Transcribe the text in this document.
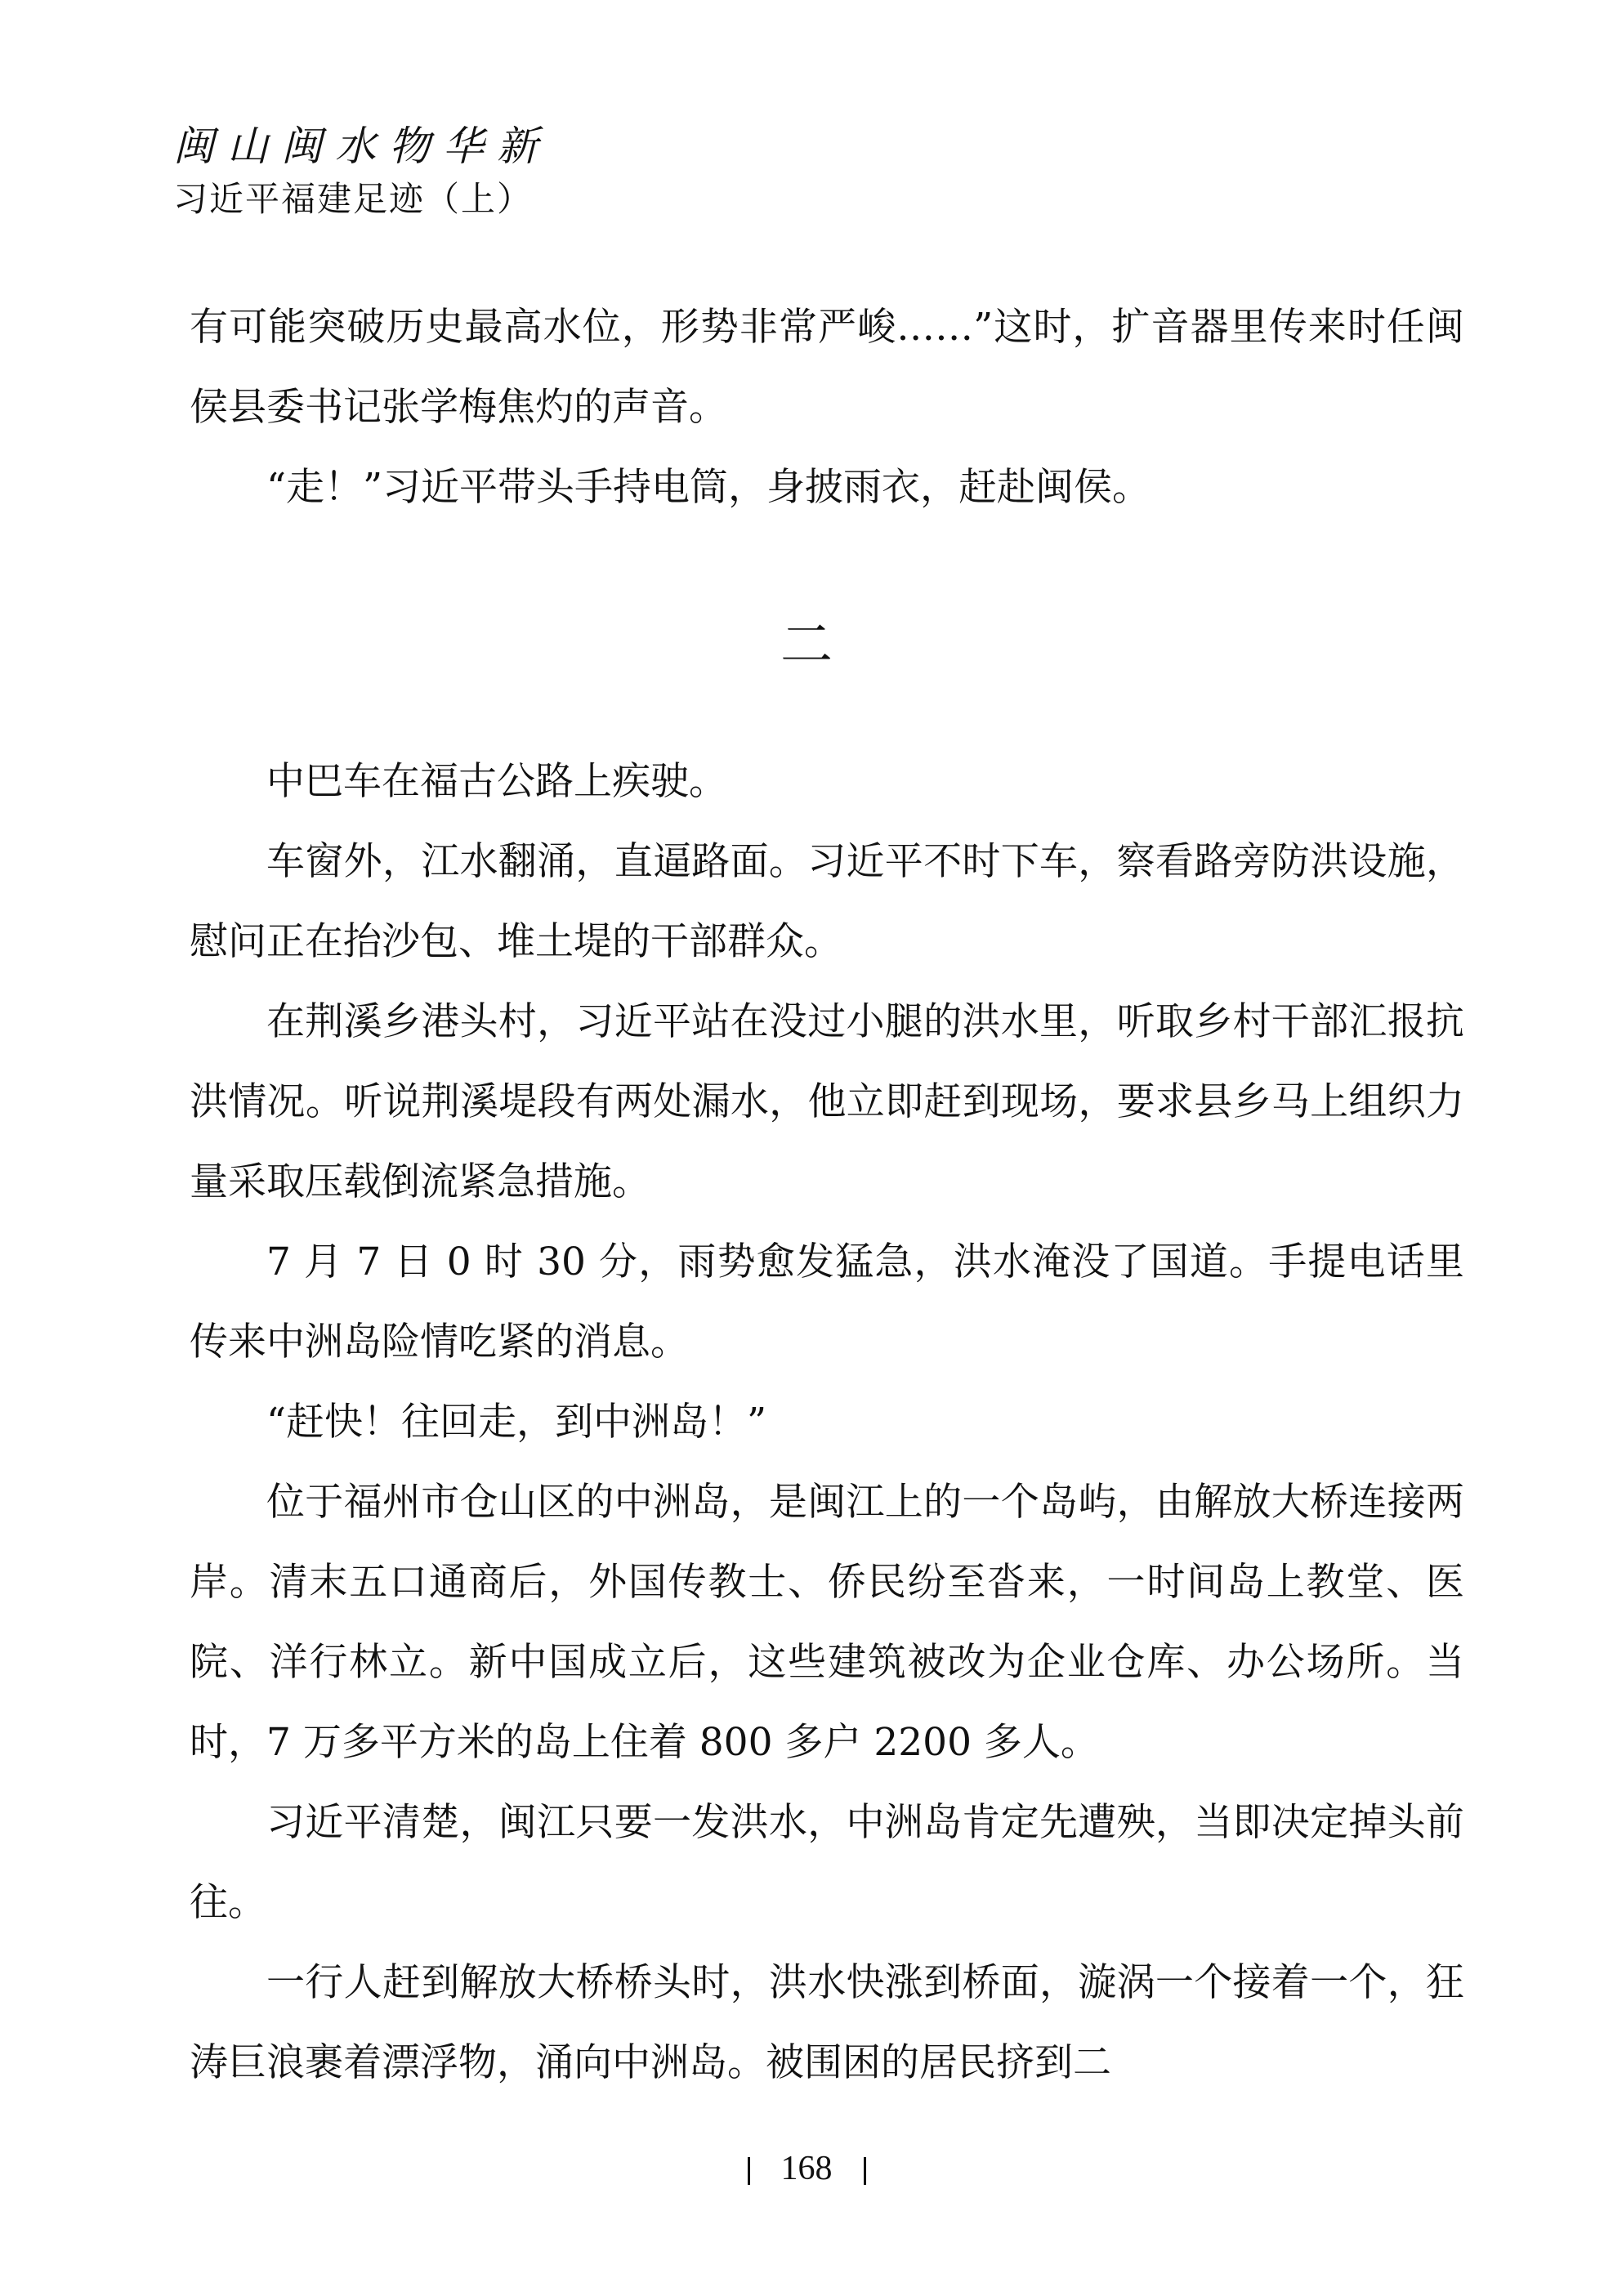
闽山闽水物华新
习近平福建足迹（上）

有可能突破历史最高水位，形势非常严峻……”这时，扩音器里传来时任闽侯县委书记张学梅焦灼的声音。

“走！”习近平带头手持电筒，身披雨衣，赶赴闽侯。

二

中巴车在福古公路上疾驶。

车窗外，江水翻涌，直逼路面。习近平不时下车，察看路旁防洪设施，慰问正在抬沙包、堆土堤的干部群众。

在荆溪乡港头村，习近平站在没过小腿的洪水里，听取乡村干部汇报抗洪情况。听说荆溪堤段有两处漏水，他立即赶到现场，要求县乡马上组织力量采取压载倒流紧急措施。

7 月 7 日 0 时 30 分，雨势愈发猛急，洪水淹没了国道。手提电话里传来中洲岛险情吃紧的消息。

“赶快！往回走，到中洲岛！”

位于福州市仓山区的中洲岛，是闽江上的一个岛屿，由解放大桥连接两岸。清末五口通商后，外国传教士、侨民纷至沓来，一时间岛上教堂、医院、洋行林立。新中国成立后，这些建筑被改为企业仓库、办公场所。当时，7 万多平方米的岛上住着 800 多户 2200 多人。

习近平清楚，闽江只要一发洪水，中洲岛肯定先遭殃，当即决定掉头前往。

一行人赶到解放大桥桥头时，洪水快涨到桥面，漩涡一个接着一个，狂涛巨浪裹着漂浮物，涌向中洲岛。被围困的居民挤到二

168
